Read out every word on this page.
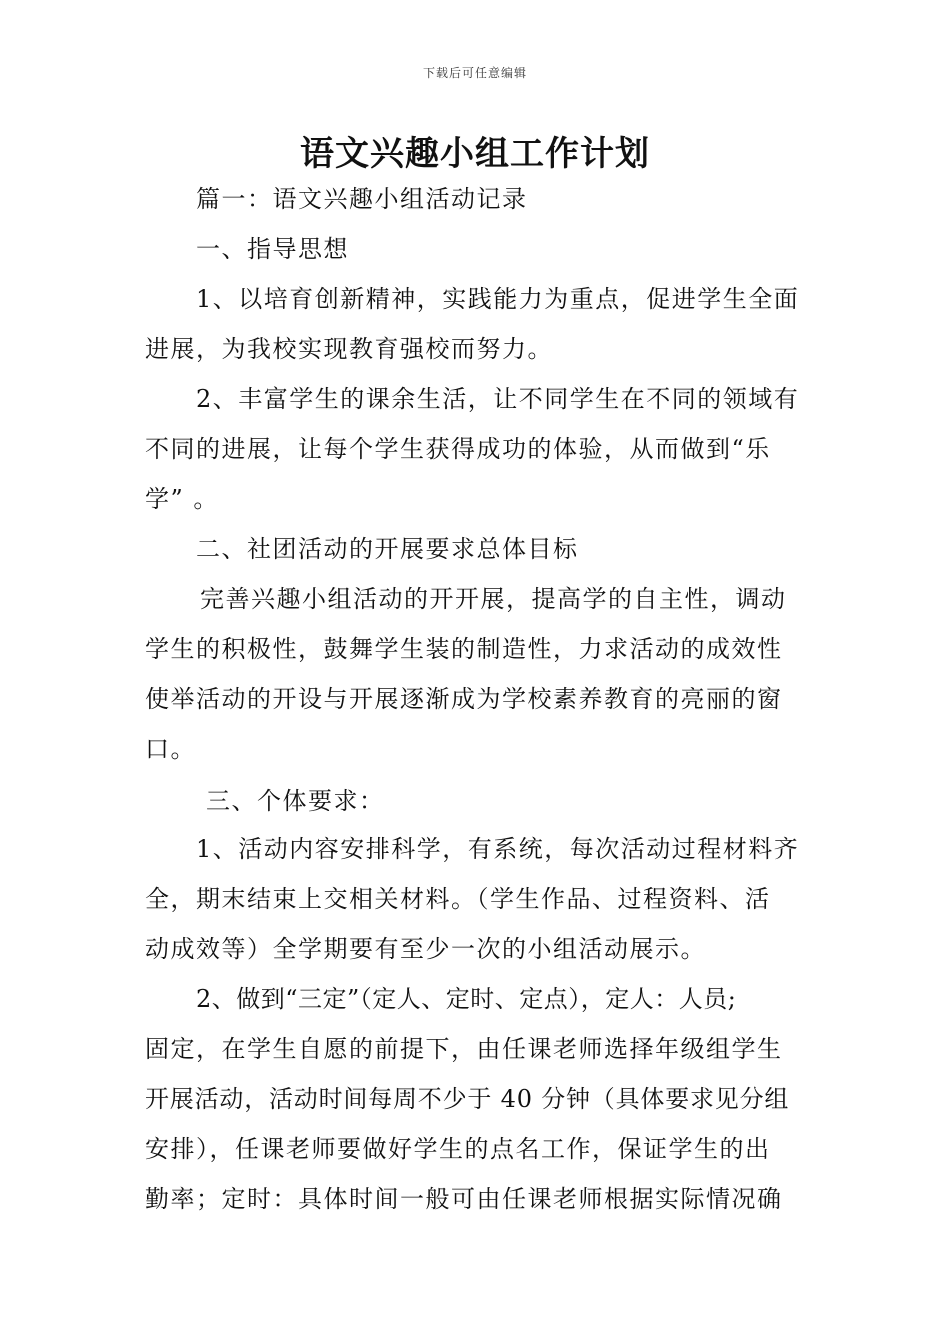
下载后可任意编辑
语文兴趣小组工作计划
篇一：语文兴趣小组活动记录
一、指导思想
1、以培育创新精神，实践能力为重点，促进学生全面
进展，为我校实现教育强校而努力。
2、丰富学生的课余生活，让不同学生在不同的领域有
不同的进展，让每个学生获得成功的体验，从而做到“乐
学” 。
二、社团活动的开展要求总体目标
完善兴趣小组活动的开开展，提高学的自主性，调动
学生的积极性，鼓舞学生装的制造性，力求活动的成效性
使举活动的开设与开展逐渐成为学校素养教育的亮丽的窗
口。
三、个体要求：
1、活动内容安排科学，有系统，每次活动过程材料齐
全，期末结束上交相关材料。（学生作品、过程资料、活
动成效等）全学期要有至少一次的小组活动展示。
2、做到“三定”（定人、定时、定点），定人：人员;
固定，在学生自愿的前提下，由任课老师选择年级组学生
开展活动，活动时间每周不少于 40 分钟（具体要求见分组
安排），任课老师要做好学生的点名工作，保证学生的出
勤率；定时：具体时间一般可由任课老师根据实际情况确
